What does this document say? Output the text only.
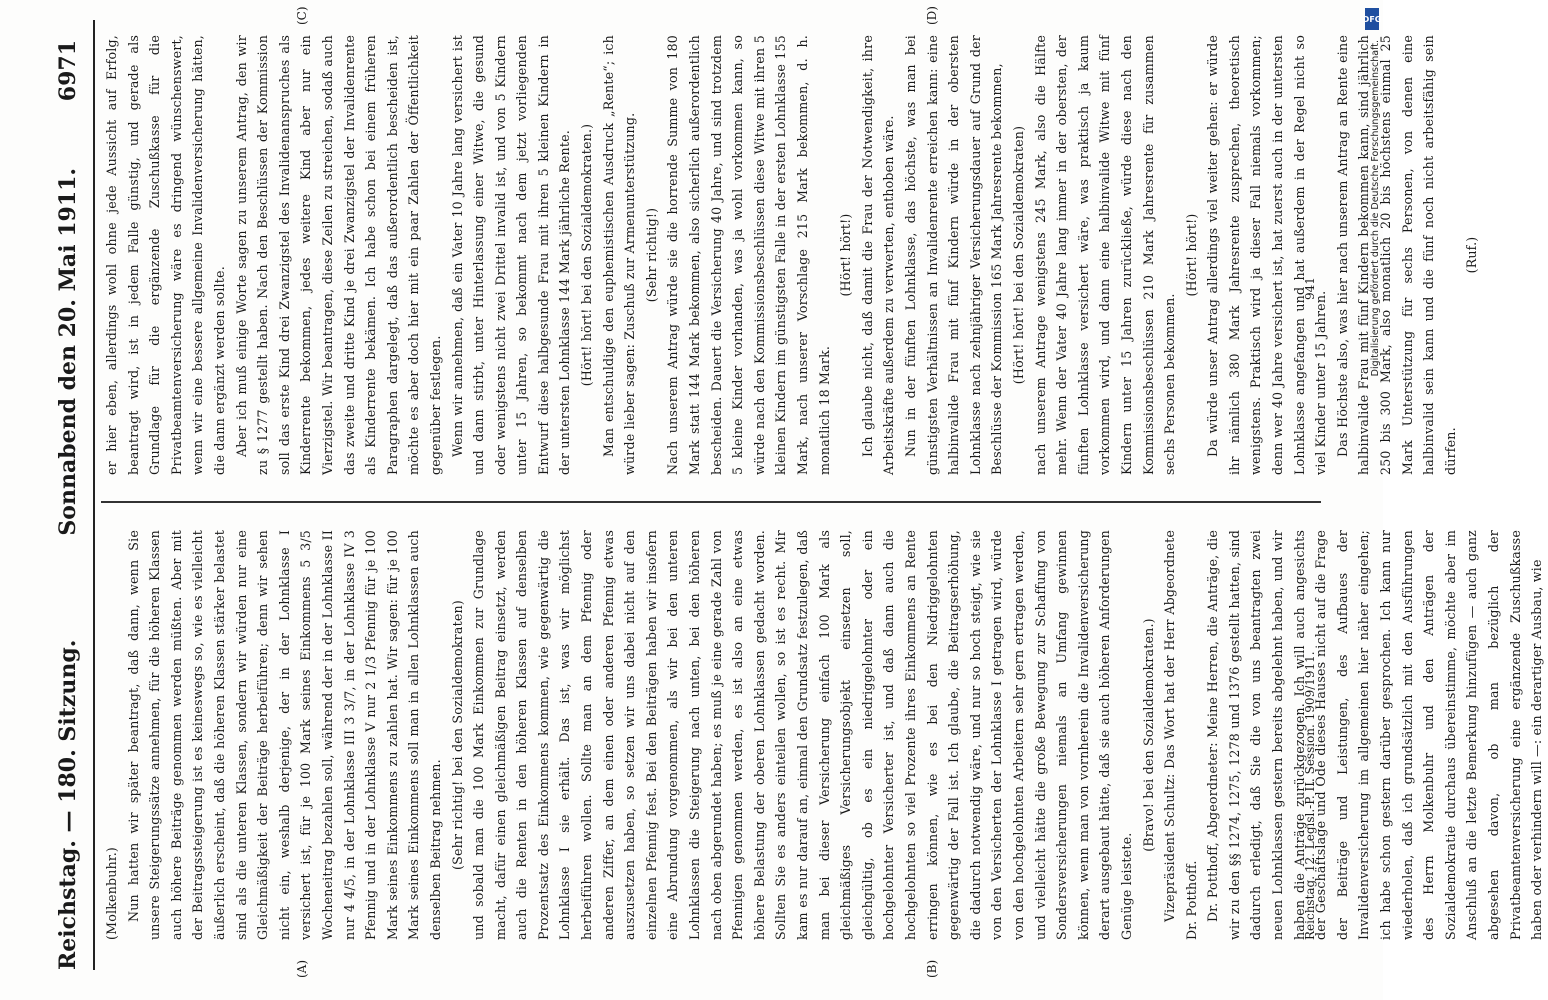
Reichstag. — 180. Sitzung.
Sonnabend den 20. Mai 1911.
6971
(A)	(B)
(C)	(D)

(Molkenbuhr.) Nun hatten wir später beantragt, daß dann, wenn Sie unsere Steigerungssätze annehmen, für die höheren Klassen auch höhere Beiträge genommen werden müßten. Aber mit der Beitragssteigerung ist es keineswegs so, wie es vielleicht äußerlich erscheint, daß die höheren Klassen stärker belastet sind als die unteren Klassen, sondern wir würden nur eine Gleichmäßigkeit der Beiträge herbeiführen; denn wir sehen nicht ein, weshalb derjenige, der in der Lohnklasse I versichert ist, für je 100 Mark seines Einkommens 5 3/5 Wocheneitrag bezahlen soll, während der in der Lohnklasse II nur 4 4/5, in der Lohnklasse III 3 3/7, in der Lohnklasse IV 3 Pfennig und in der Lohnklasse V nur 2 1/3 Pfennig für je 100 Mark seines Einkommens zu zahlen hat. Wir sagen: für je 100 Mark seines Einkommens soll man in allen Lohnklassen auch denselben Beitrag nehmen. (Sehr richtig! bei den Sozialdemokraten) und sobald man die 100 Mark Einkommen zur Grundlage macht, dafür einen gleichmäßigen Beitrag einsetzt, werden auch die Renten in den höheren Klassen auf denselben Prozentsatz des Einkommens kommen, wie gegenwärtig die Lohnklasse I sie erhält. Das ist, was wir möglichst herbeiführen wollen. Sollte man an dem Pfennig oder anderen Ziffer, an dem einen oder anderen Pfennig etwas auszusetzen haben, so setzen wir uns dabei nicht auf den einzelnen Pfennig fest. Bei den Beiträgen haben wir insofern eine Abrundung vorgenommen, als wir bei den unteren Lohnklassen die Steigerung nach unten, bei den höheren nach oben abgerundet haben; es muß je eine gerade Zahl von Pfennigen genommen werden, es ist also an eine etwas höhere Belastung der oberen Lohnklassen gedacht worden. Sollten Sie es anders einteilen wollen, so ist es recht. Mir kam es nur darauf an, einmal den Grundsatz festzulegen, daß man bei dieser Versicherung einfach 100 Mark als gleichmäßiges Versicherungsobjekt einsetzen soll, gleichgültig, ob es ein niedriggelohnter oder ein hochgelohnter Versicherter ist, und daß dann auch die hochgelohnten so viel Prozente ihres Einkommens an Rente erringen können, wie es bei den Niedriggelohnten gegenwärtig der Fall ist. Ich glaube, die Beitragserhöhung, die dadurch notwendig wäre, und nur so hoch steigt, wie sie von den Versicherten der Lohnklasse I getragen wird, würde von den hochgelohnten Arbeitern sehr gern ertragen werden, und vielleicht hätte die große Bewegung zur Schaffung von Sondersversicherungen niemals an Umfang gewinnen können, wenn man von vornherein die Invalidenversicherung derart ausgebaut hätte, daß sie auch höheren Anforderungen Genüge leistete.

(Bravo! bei den Sozialdemokraten.) Vizepräsident Schultz: Das Wort hat der Herr Abgeordnete Dr. Potthoff. Dr. Potthoff, Abgeordneter: Meine Herren, die Anträge, die wir zu den §§ 1274, 1275, 1278 und 1376 gestellt hatten, sind dadurch erledigt, daß Sie die von uns beantragten zwei neuen Lohnklassen gestern bereits abgelehnt haben, und wir haben die Anträge zurückgezogen. Ich will auch angesichts der Geschäftslage und Öde dieses Hauses nicht auf die Frage der Beiträge und Leistungen, des Aufbaues der Invalidenversicherung im allgemeinen hier näher eingehen; ich habe schon gestern darüber gesprochen. Ich kann nur wiederholen, daß ich grundsätzlich mit den Ausführungen des Herrn Molkenbuhr und den Anträgen der Sozialdemokratie durchaus übereinstimme, möchte aber im Anschluß an die letzte Bemerkung hinzufügen — auch ganz abgesehen davon, ob man bezüglich der Privatbeamtenversicherung eine ergänzende Zuschußkasse haben oder verhindern will —: ein derartiger Ausbau, wie

er hier eben, allerdings wohl ohne jede Aussicht auf Erfolg, beantragt wird, ist in jedem Falle günstig, und gerade als Grundlage für die ergänzende Zuschußkasse für die Privatbeamtenversicherung wäre es dringend wünschenswert, wenn wir eine bessere allgemeine Invalidenversicherung hätten, die dann ergänzt werden sollte. Aber ich muß einige Worte sagen zu unserem Antrag, den wir zu § 1277 gestellt haben. Nach den Beschlüssen der Kommission soll das erste Kind drei Zwanzigstel des Invalidenanspruches als Kinderrente bekommen, jedes weitere Kind aber nur ein Vierzigstel. Wir beantragen, diese Zeilen zu streichen, sodaß auch das zweite und dritte Kind je drei Zwanzigstel der Invalidenrente als Kinderrente bekämen. Ich habe schon bei einem früheren Paragraphen dargelegt, daß das außerordentlich bescheiden ist, möchte es aber doch hier mit ein paar Zahlen der Öffentlichkeit gegenüber festlegen. Wenn wir annehmen, daß ein Vater 10 Jahre lang versichert ist und dann stirbt, unter Hinterlassung einer Witwe, die gesund oder wenigstens nicht zwei Drittel invalid ist, und von 5 Kindern unter 15 Jahren, so bekommt nach dem jetzt vorliegenden Entwurf diese halbgesunde Frau mit ihren 5 kleinen Kindern in der untersten Lohnklasse 144 Mark jährliche Rente. (Hört! hört! bei den Sozialdemokraten.) Man entschuldige den euphemistischen Ausdruck „Rente“; ich würde lieber sagen: Zuschuß zur Armenunterstützung. (Sehr richtig!) Nach unserem Antrag würde sie die horrende Summe von 180 Mark statt 144 Mark bekommen, also sicherlich außerordentlich bescheiden. Dauert die Versicherung 40 Jahre, und sind trotzdem 5 kleine Kinder vorhanden, was ja wohl vorkommen kann, so würde nach den Kommissionsbeschlüssen diese Witwe mit ihren 5 kleinen Kindern im günstigsten Falle in der ersten Lohnklasse 155 Mark, nach unserer Vorschlage 215 Mark bekommen, d. h. monatlich 18 Mark.

(Hört! hört!) Ich glaube nicht, daß damit die Frau der Notwendigkeit, ihre Arbeitskräfte außerdem zu verwerten, enthoben wäre. Nun in der fünften Lohnklasse, das höchste, was man bei günstigsten Verhältnissen an Invalidenrente erreichen kann: eine halbinvalide Frau mit fünf Kindern würde in der obersten Lohnklasse nach zehnjähriger Versicherungsdauer auf Grund der Beschlüsse der Kommission 165 Mark Jahresrente bekommen, (Hört! hört! bei den Sozialdemokraten) nach unserem Antrage wenigstens 245 Mark, also die Hälfte mehr. Wenn der Vater 40 Jahre lang immer in der obersten, der fünften Lohnklasse versichert wäre, was praktisch ja kaum vorkommen wird, und dann eine halbinvalide Witwe mit fünf Kindern unter 15 Jahren zurückließe, würde diese nach den Kommissionsbeschlüssen 210 Mark Jahresrente für zusammen sechs Personen bekommen.

(Hört! hört!) Da würde unser Antrag allerdings viel weiter gehen: er würde ihr nämlich 380 Mark Jahresrente zusprechen, theoretisch wenigstens. Praktisch wird ja dieser Fall niemals vorkommen; denn wer 40 Jahre versichert ist, hat zuerst auch in der untersten Lohnklasse angefangen und hat außerdem in der Regel nicht so viel Kinder unter 15 Jahren. Das Höchste also, was hier nach unserem Antrag an Rente eine halbinvalide Frau mit fünf Kindern bekommen kann, sind jährlich 250 bis 300 Mark, also monatlich 20 bis höchstens einmal 25 Mark Unterstützung für sechs Personen, von denen eine halbinvalid sein kann und die fünf noch nicht arbeitsfähig sein dürfen.

(Ruf.)

Reichstag. 12. Legisl.-P. II. Session. 1909/1911.
941
DFG
Digitalisierung gefördert durch die Deutsche Forschungsgemeinschaft.
